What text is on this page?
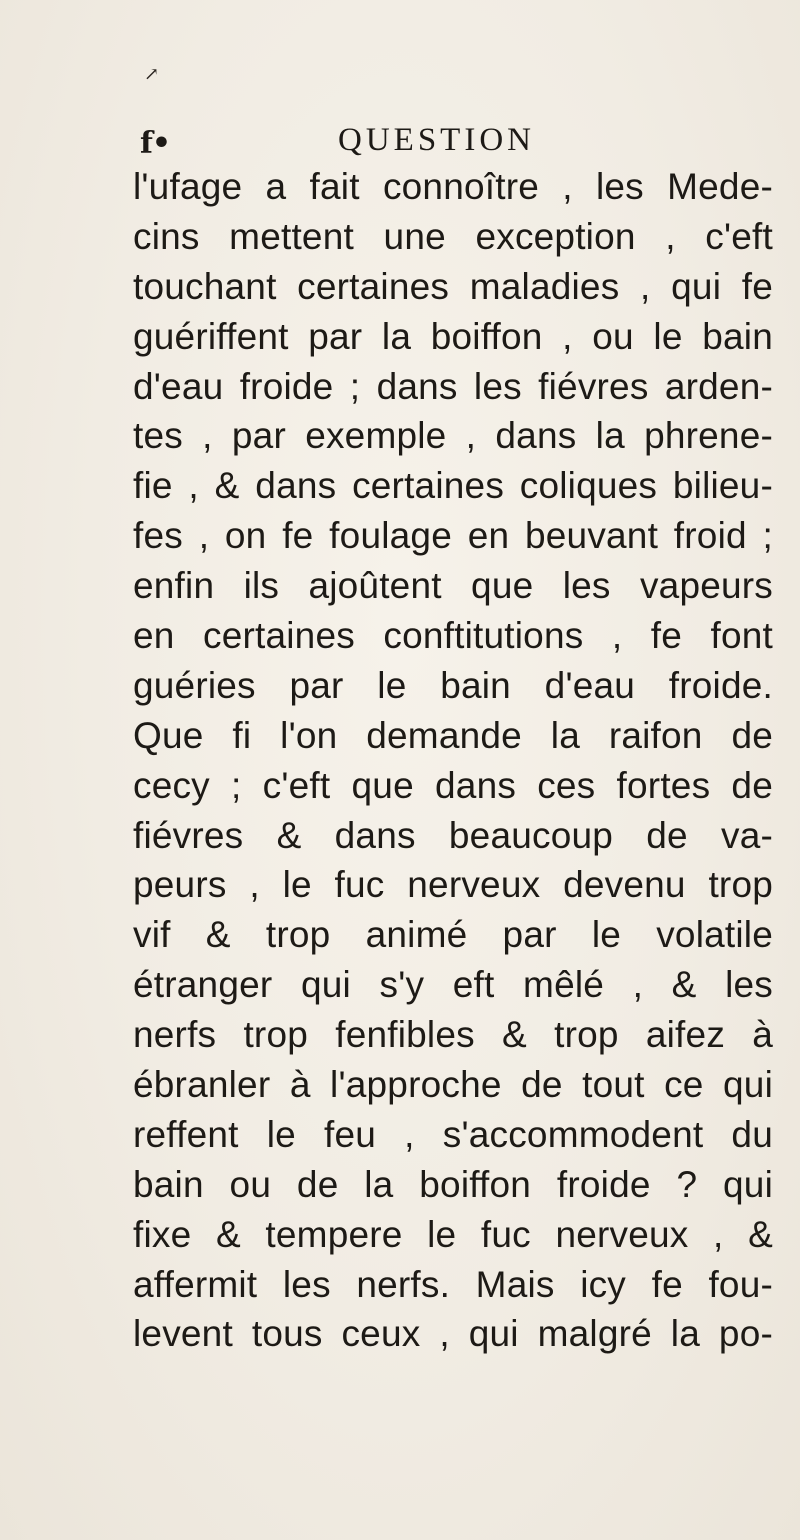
↗
f•	QUESTION
l'ufage a fait connoître , les Mede-
cins mettent une exception , c'eft
touchant certaines maladies , qui fe
guériffent par la boiffon , ou le bain
d'eau froide ; dans les fiévres arden-
tes , par exemple , dans la phrene-
fie , & dans certaines coliques bilieu-
fes , on fe foulage en beuvant froid ;
enfin ils ajoûtent que les vapeurs
en certaines conftitutions , fe font
guéries par le bain d'eau froide.
Que fi l'on demande la raifon de
cecy ; c'eft que dans ces fortes de
fiévres & dans beaucoup de va-
peurs , le fuc nerveux devenu trop
vif & trop animé par le volatile
étranger qui s'y eft mêlé , & les
nerfs trop fenfibles & trop aifez à
ébranler à l'approche de tout ce qui
reffent le feu , s'accommodent du
bain ou de la boiffon froide ? qui
fixe & tempere le fuc nerveux , &
affermit les nerfs. Mais icy fe fou-
levent tous ceux , qui malgré la po-
